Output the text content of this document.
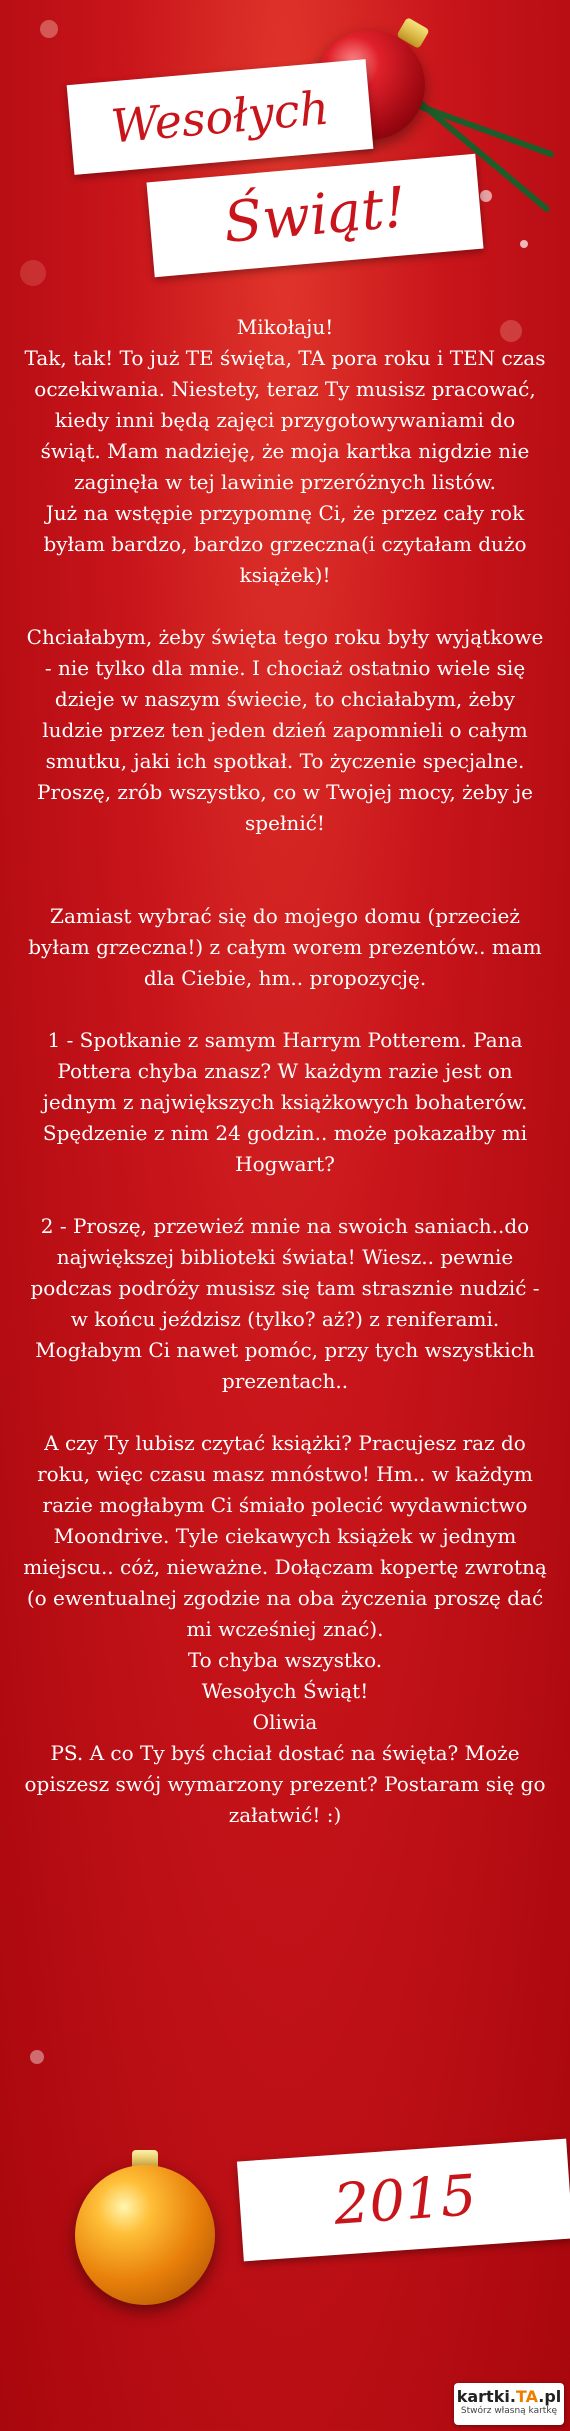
Wesołych
Świąt!

Mikołaju!

Tak, tak! To już TE święta, TA pora roku i TEN czas oczekiwania. Niestety, teraz Ty musisz pracować, kiedy inni będą zajęci przygotowywaniami do świąt. Mam nadzieję, że moja kartka nigdzie nie zaginęła w tej lawinie przeróżnych listów.

Już na wstępie przypomnę Ci, że przez cały rok byłam bardzo, bardzo grzeczna(i czytałam dużo książek)!

Chciałabym, żeby święta tego roku były wyjątkowe - nie tylko dla mnie. I chociaż ostatnio wiele się dzieje w naszym świecie, to chciałabym, żeby ludzie przez ten jeden dzień zapomnieli o całym smutku, jaki ich spotkał. To życzenie specjalne. Proszę, zrób wszystko, co w Twojej mocy, żeby je spełnić!

Zamiast wybrać się do mojego domu (przecież byłam grzeczna!) z całym worem prezentów.. mam dla Ciebie, hm.. propozycję.

1 - Spotkanie z samym Harrym Potterem. Pana Pottera chyba znasz? W każdym razie jest on jednym z największych książkowych bohaterów. Spędzenie z nim 24 godzin.. może pokazałby mi Hogwart?

2 - Proszę, przewieź mnie na swoich saniach..do największej biblioteki świata! Wiesz.. pewnie podczas podróży musisz się tam strasznie nudzić - w końcu jeździsz (tylko? aż?) z reniferami. Mogłabym Ci nawet pomóc, przy tych wszystkich prezentach..

A czy Ty lubisz czytać książki? Pracujesz raz do roku, więc czasu masz mnóstwo! Hm.. w każdym razie mogłabym Ci śmiało polecić wydawnictwo Moondrive. Tyle ciekawych książek w jednym miejscu.. cóż, nieważne. Dołączam kopertę zwrotną (o ewentualnej zgodzie na oba życzenia proszę dać mi wcześniej znać).

To chyba wszystko.

Wesołych Świąt!

Oliwia

PS. A co Ty byś chciał dostać na święta? Może opiszesz swój wymarzony prezent? Postaram się go załatwić! :)

2015
kartki.TA.pl
Stwórz własną kartkę
